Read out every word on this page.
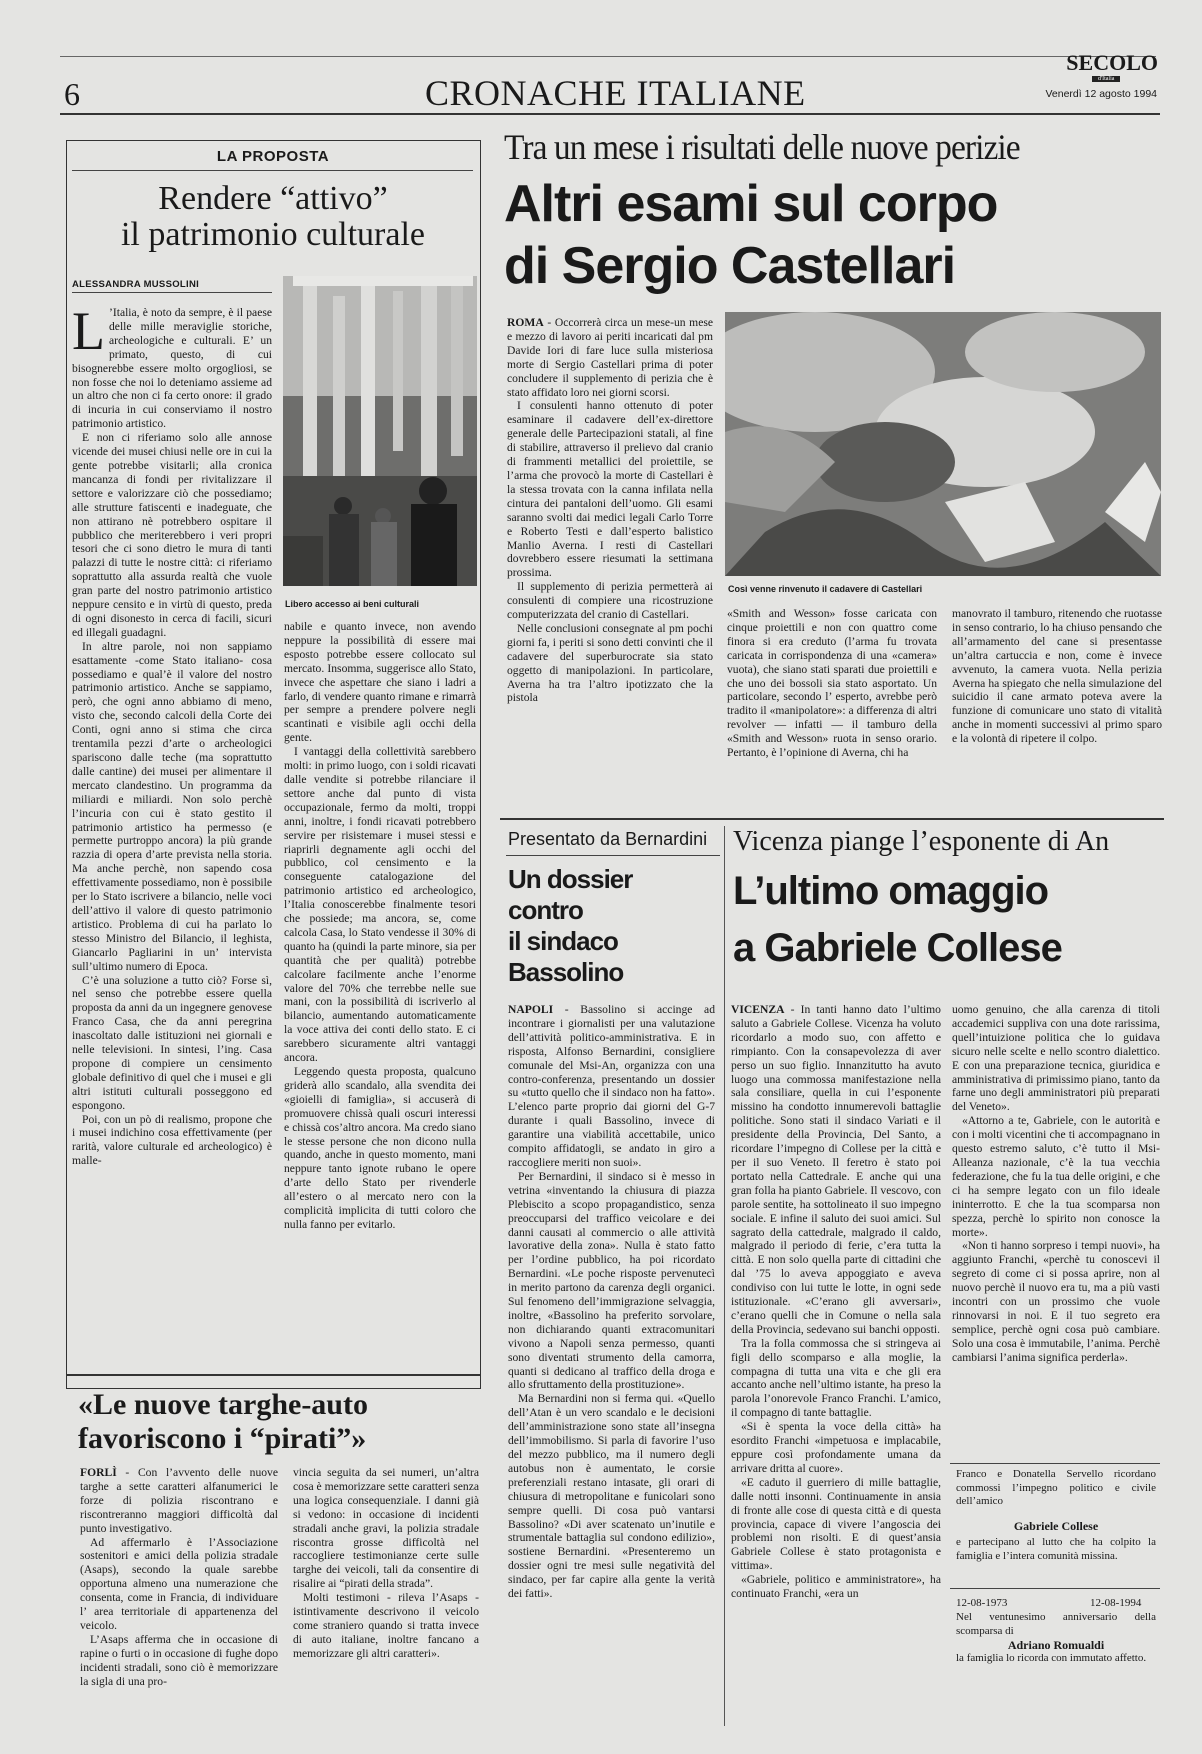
6	CRONACHE ITALIANE
SECOLO
d'Italia
Venerdì 12 agosto 1994
LA PROPOSTA
Rendere “attivo”
il patrimonio culturale
ALESSANDRA MUSSOLINI
Libero accesso ai beni culturali

L ’Italia, è noto da sempre, è il paese delle mille meraviglie storiche, archeologiche e culturali. E’ un primato, questo, di cui bisognerebbe essere molto orgogliosi, se non fosse che noi lo deteniamo assieme ad un altro che non ci fa certo onore: il grado di incuria in cui conserviamo il nostro patrimonio artistico.

E non ci riferiamo solo alle annose vicende dei musei chiusi nelle ore in cui la gente potrebbe visitarli; alla cronica mancanza di fondi per rivitalizzare il settore e valorizzare ciò che possediamo; alle strutture fatiscenti e inadeguate, che non attirano nè potrebbero ospitare il pubblico che meriterebbero i veri propri tesori che ci sono dietro le mura di tanti palazzi di tutte le nostre città: ci riferiamo soprattutto alla assurda realtà che vuole gran parte del nostro patrimonio artistico neppure censito e in virtù di questo, preda di ogni disonesto in cerca di facili, sicuri ed illegali guadagni.

In altre parole, noi non sappiamo esattamente -come Stato italiano- cosa possediamo e qual’è il valore del nostro patrimonio artistico. Anche se sappiamo, però, che ogni anno abbiamo di meno, visto che, secondo calcoli della Corte dei Conti, ogni anno si stima che circa trentamila pezzi d’arte o archeologici spariscono dalle teche (ma soprattutto dalle cantine) dei musei per alimentare il mercato clandestino. Un programma da miliardi e miliardi. Non solo perchè l’incuria con cui è stato gestito il patrimonio artistico ha permesso (e permette purtroppo ancora) la più grande razzia di opera d’arte prevista nella storia. Ma anche perchè, non sapendo cosa effettivamente possediamo, non è possibile per lo Stato iscrivere a bilancio, nelle voci dell’attivo il valore di questo patrimonio artistico. Problema di cui ha parlato lo stesso Ministro del Bilancio, il leghista, Giancarlo Pagliarini in un’ intervista sull’ultimo numero di Epoca.

C’è una soluzione a tutto ciò? Forse sì, nel senso che potrebbe essere quella proposta da anni da un ingegnere genovese Franco Casa, che da anni peregrina inascoltato dalle istituzioni nei giornali e nelle televisioni. In sintesi, l’ing. Casa propone di compiere un censimento globale definitivo di quel che i musei e gli altri istituti culturali posseggono ed espongono.

Poi, con un pò di realismo, propone che i musei indichino cosa effettivamente (per rarità, valore culturale ed archeologico) è malle-

nabile e quanto invece, non avendo neppure la possibilità di essere mai esposto potrebbe essere collocato sul mercato. Insomma, suggerisce allo Stato, invece che aspettare che siano i ladri a farlo, di vendere quanto rimane e rimarrà per sempre a prendere polvere negli scantinati e visibile agli occhi della gente.

I vantaggi della collettività sarebbero molti: in primo luogo, con i soldi ricavati dalle vendite si potrebbe rilanciare il settore anche dal punto di vista occupazionale, fermo da molti, troppi anni, inoltre, i fondi ricavati potrebbero servire per risistemare i musei stessi e riaprirli degnamente agli occhi del pubblico, col censimento e la conseguente catalogazione del patrimonio artistico ed archeologico, l’Italia conoscerebbe finalmente tesori che possiede; ma ancora, se, come calcola Casa, lo Stato vendesse il 30% di quanto ha (quindi la parte minore, sia per quantità che per qualità) potrebbe calcolare facilmente anche l’enorme valore del 70% che terrebbe nelle sue mani, con la possibilità di iscriverlo al bilancio, aumentando automaticamente la voce attiva dei conti dello stato. E ci sarebbero sicuramente altri vantaggi ancora.

Leggendo questa proposta, qualcuno griderà allo scandalo, alla svendita dei «gioielli di famiglia», si accuserà di promuovere chissà quali oscuri interessi e chissà cos’altro ancora. Ma credo siano le stesse persone che non dicono nulla quando, anche in questo momento, mani neppure tanto ignote rubano le opere d’arte dello Stato per rivenderle all’estero o al mercato nero con la complicità implicita di tutti coloro che nulla fanno per evitarlo.

Tra un mese i risultati delle nuove perizie
Altri esami sul corpo
di Sergio Castellari
Così venne rinvenuto il cadavere di Castellari

ROMA - Occorrerà circa un mese-un mese e mezzo di lavoro ai periti incaricati dal pm Davide Iori di fare luce sulla misteriosa morte di Sergio Castellari prima di poter concludere il supplemento di perizia che è stato affidato loro nei giorni scorsi.

I consulenti hanno ottenuto di poter esaminare il cadavere dell’ex-direttore generale delle Partecipazioni statali, al fine di stabilire, attraverso il prelievo dal cranio di frammenti metallici del proiettile, se l’arma che provocò la morte di Castellari è la stessa trovata con la canna infilata nella cintura dei pantaloni dell’uomo. Gli esami saranno svolti dai medici legali Carlo Torre e Roberto Testi e dall’esperto balistico Manlio Averna. I resti di Castellari dovrebbero essere riesumati la settimana prossima.

Il supplemento di perizia permetterà ai consulenti di compiere una ricostruzione computerizzata del cranio di Castellari.

Nelle conclusioni consegnate al pm pochi giorni fa, i periti si sono detti convinti che il cadavere del superburocrate sia stato oggetto di manipolazioni. In particolare, Averna ha tra l’altro ipotizzato che la pistola

«Smith and Wesson» fosse caricata con cinque proiettili e non con quattro come finora si era creduto (l’arma fu trovata caricata in corrispondenza di una «camera» vuota), che siano stati sparati due proiettili e che uno dei bossoli sia stato asportato. Un particolare, secondo l’ esperto, avrebbe però tradito il «manipolatore»: a differenza di altri revolver — infatti — il tamburo della «Smith and Wesson» ruota in senso orario. Pertanto, è l’opinione di Averna, chi ha

manovrato il tamburo, ritenendo che ruotasse in senso contrario, lo ha chiuso pensando che all’armamento del cane si presentasse un’altra cartuccia e non, come è invece avvenuto, la camera vuota. Nella perizia Averna ha spiegato che nella simulazione del suicidio il cane armato poteva avere la funzione di comunicare uno stato di vitalità anche in momenti successivi al primo sparo e la volontà di ripetere il colpo.

Presentato da Bernardini
Un dossier
contro
il sindaco
Bassolino

NAPOLI - Bassolino si accinge ad incontrare i giornalisti per una valutazione dell’attività politico-amministrativa. E in risposta, Alfonso Bernardini, consigliere comunale del Msi-An, organizza con una contro-conferenza, presentando un dossier su «tutto quello che il sindaco non ha fatto». L’elenco parte proprio dai giorni del G-7 durante i quali Bassolino, invece di garantire una viabilità accettabile, unico compito affidatogli, se andato in giro a raccogliere meriti non suoi».

Per Bernardini, il sindaco si è messo in vetrina «inventando la chiusura di piazza Plebiscito a scopo propagandistico, senza preoccuparsi del traffico veicolare e dei danni causati al commercio o alle attività lavorative della zona». Nulla è stato fatto per l’ordine pubblico, ha poi ricordato Bernardini. «Le poche risposte pervenutecì in merito partono da carenza degli organici. Sul fenomeno dell’immigrazione selvaggia, inoltre, «Bassolino ha preferito sorvolare, non dichiarando quanti extracomunitari vivono a Napoli senza permesso, quanti sono diventati strumento della camorra, quanti si dedicano al traffico della droga e allo sfruttamento della prostituzione».

Ma Bernardini non si ferma qui. «Quello dell’Atan è un vero scandalo e le decisioni dell’amministrazione sono state all’insegna dell’immobilismo. Si parla di favorire l’uso del mezzo pubblico, ma il numero degli autobus non è aumentato, le corsie preferenziali restano intasate, gli orari di chiusura di metropolitane e funicolari sono sempre quelli. Di cosa può vantarsi Bassolino? «Di aver scatenato un’inutile e strumentale battaglia sul condono edilizio», sostiene Bernardini. «Presenteremo un dossier ogni tre mesi sulle negatività del sindaco, per far capire alla gente la verità dei fatti».

Vicenza piange l’esponente di An
L’ultimo omaggio
a Gabriele Collese

VICENZA - In tanti hanno dato l’ultimo saluto a Gabriele Collese. Vicenza ha voluto ricordarlo a modo suo, con affetto e rimpianto. Con la consapevolezza di aver perso un suo figlio. Innanzitutto ha avuto luogo una commossa manifestazione nella sala consiliare, quella in cui l’esponente missino ha condotto innumerevoli battaglie politiche. Sono stati il sindaco Variati e il presidente della Provincia, Del Santo, a ricordare l’impegno di Collese per la città e per il suo Veneto. Il feretro è stato poi portato nella Cattedrale. E anche qui una gran folla ha pianto Gabriele. Il vescovo, con parole sentite, ha sottolineato il suo impegno sociale. E infine il saluto dei suoi amici. Sul sagrato della cattedrale, malgrado il caldo, malgrado il periodo di ferie, c’era tutta la città. E non solo quella parte di cittadini che dal ’75 lo aveva appoggiato e aveva condiviso con lui tutte le lotte, in ogni sede istituzionale. «C’erano gli avversari», c’erano quelli che in Comune o nella sala della Provincia, sedevano sui banchi opposti.

Tra la folla commossa che si stringeva ai figli dello scomparso e alla moglie, la compagna di tutta una vita e che gli era accanto anche nell’ultimo istante, ha preso la parola l’onorevole Franco Franchi. L’amico, il compagno di tante battaglie.

«Si è spenta la voce della città» ha esordito Franchi «impetuosa e implacabile, eppure così profondamente umana da arrivare dritta al cuore».

«E caduto il guerriero di mille battaglie, dalle notti insonni. Continuamente in ansia di fronte alle cose di questa città e di questa provincia, capace di vivere l’angoscia dei problemi non risolti. E di quest’ansia Gabriele Collese è stato protagonista e vittima».

«Gabriele, politico e amministratore», ha continuato Franchi, «era un

uomo genuino, che alla carenza di titoli accademici suppliva con una dote rarissima, quell’intuizione politica che lo guidava sicuro nelle scelte e nello scontro dialettico. E con una preparazione tecnica, giuridica e amministrativa di primissimo piano, tanto da farne uno degli amministratori più preparati del Veneto».

«Attorno a te, Gabriele, con le autorità e con i molti vicentini che ti accompagnano in questo estremo saluto, c’è tutto il Msi-Alleanza nazionale, c’è la tua vecchia federazione, che fu la tua delle origini, e che ci ha sempre legato con un filo ideale ininterrotto. E che la tua scomparsa non spezza, perchè lo spirito non conosce la morte».

«Non ti hanno sorpreso i tempi nuovi», ha aggiunto Franchi, «perchè tu conoscevi il segreto di come ci si possa aprire, non al nuovo perchè il nuovo era tu, ma a più vasti incontri con un prossimo che vuole rinnovarsi in noi. E il tuo segreto era semplice, perchè ogni cosa può cambiare. Solo una cosa è immutabile, l’anima. Perchè cambiarsi l’anima significa perderla».

Franco e Donatella Servello ricordano commossi l’impegno politico e civile dell’amico
Gabriele Collese
e partecipano al lutto che ha colpito la famiglia e l’intera comunità missina.
12-08-1973	12-08-1994
Nel ventunesimo anniversario della scomparsa di
Adriano Romualdi
la famiglia lo ricorda con immutato affetto.
«Le nuove targhe-auto
favoriscono i “pirati”»

FORLÌ - Con l’avvento delle nuove targhe a sette caratteri alfanumerici le forze di polizia riscontrano e riscontreranno maggiori difficoltà dal punto investigativo.

Ad affermarlo è l’Associazione sostenitori e amici della polizia stradale (Asaps), secondo la quale sarebbe opportuna almeno una numerazione che consenta, come in Francia, di individuare l’ area territoriale di appartenenza del veicolo.

L’Asaps afferma che in occasione di rapine o furti o in occasione di fughe dopo incidenti stradali, sono ciò è memorizzare la sigla di una pro-

vincia seguita da sei numeri, un’altra cosa è memorizzare sette caratteri senza una logica consequenziale. I danni già si vedono: in occasione di incidenti stradali anche gravi, la polizia stradale riscontra grosse difficoltà nel raccogliere testimonianze certe sulle targhe dei veicoli, tali da consentire di risalire ai “pirati della strada”.

Molti testimoni - rileva l’Asaps - istintivamente descrivono il veicolo come straniero quando si tratta invece di auto italiane, inoltre fancano a memorizzare gli altri caratteri».
